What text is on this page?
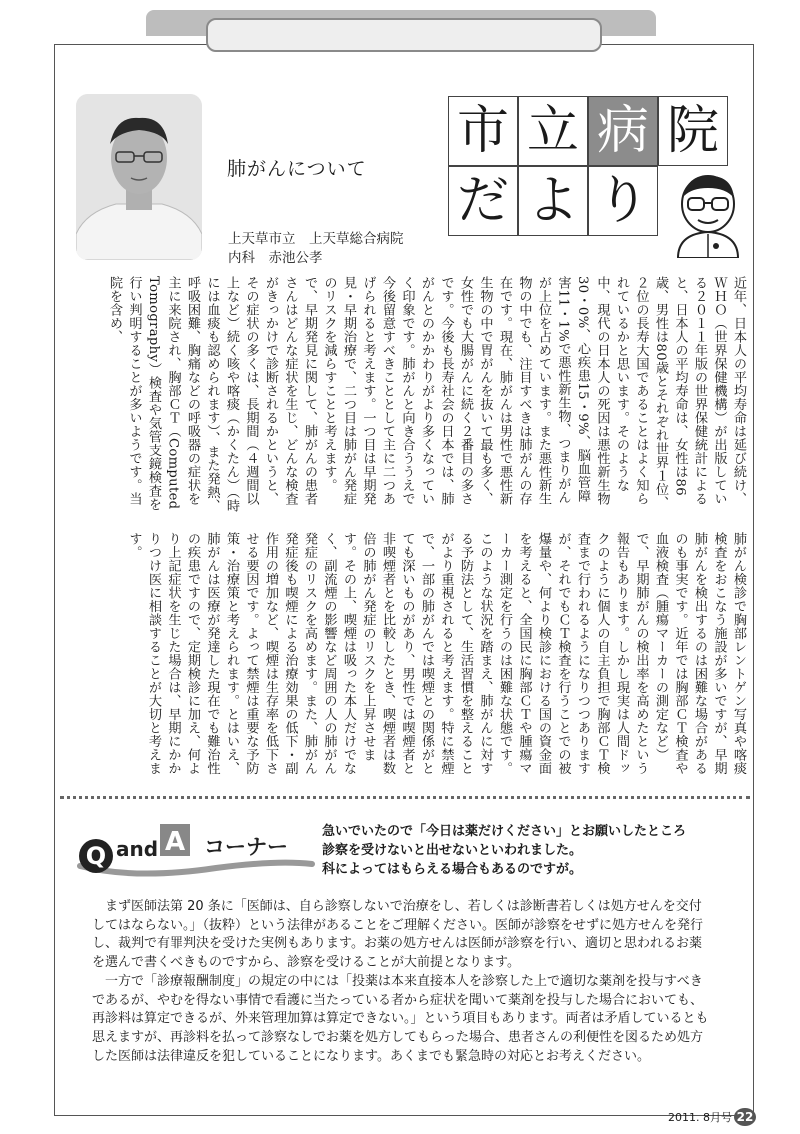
肺がんについて
上天草市立　上天草総合病院
内科　赤池公孝
市 立 病 院
だ よ り

近年、日本人の平均寿命は延び続け、ＷＨＯ（世界保健機構）が出版している２０１１年版の世界保健統計によると、日本人の平均寿命は、女性は86歳、男性は80歳とそれぞれ世界１位、２位の長寿大国であることはよく知られているかと思います。そのような中、現代の日本人の死因は悪性新生物30・0%、心疾患15・9%、脳血管障害11・1%で悪性新生物、つまりがんが上位を占めています。また悪性新生物の中でも、注目すべきは肺がんの存在です。現在、肺がんは男性で悪性新生物の中で胃がんを抜いて最も多く、女性でも大腸がんに続く２番目の多さです。今後も長寿社会の日本では、肺がんとのかかわりがより多くなっていく印象です。肺がんと向き合ううえで今後留意すべきこととして主に二つあげられると考えます。一つ目は早期発見・早期治療で、二つ目は肺がん発症のリスクを減らすことと考えます。で、早期発見に関して、肺がんの患者さんはどんな症状を生じ、どんな検査がきっかけで診断されるかというと、その症状の多くは、長期間（４週間以上など）続く咳や喀痰（かくたん）（時には血痰も認められます）、また発熱、呼吸困難、胸痛などの呼吸器の症状を主に来院され、胸部ＣＴ（Computed Tomography）検査や気管支鏡検査を行い判明することが多いようです。当院を含め、

肺がん検診で胸部レントゲン写真や喀痰検査をおこなう施設が多いですが、早期肺がんを検出するのは困難な場合があるのも事実です。近年では胸部ＣＴ検査や血液検査（腫瘍マーカーの測定など）で、早期肺がんの検出率を高めたという報告もあります。しかし現実は人間ドックのように個人の自主負担で胸部ＣＴ検査まで行われるようになりつつありますが、それでもＣＴ検査を行うことでの被爆量や、何より検診における国の資金面を考えると、全国民に胸部ＣＴや腫瘍マーカー測定を行うのは困難な状態です。このような状況を踏まえ、肺がんに対する予防法として、生活習慣を整えることがより重視されると考えます。特に禁煙で、一部の肺がんでは喫煙との関係がとても深いものがあり、男性では喫煙者と非喫煙者とを比較したとき、喫煙者は数倍の肺がん発症のリスクを上昇させます。その上、喫煙は吸った本人だけでなく、副流煙の影響など周囲の人の肺がん発症のリスクを高めます。また、肺がん発症後も喫煙による治療効果の低下・副作用の増加など、喫煙は生存率を低下させる要因です。よって禁煙は重要な予防策・治療策と考えられます。とはいえ、肺がんは医療が発達した現在でも難治性の疾患ですので、定期検診に加え、何より上記症状を生じた場合は、早期にかかりつけ医に相談することが大切と考えます。

Q and A コーナー
急いでいたので「今日は薬だけください」とお願いしたところ
診察を受けないと出せないといわれました。
科によってはもらえる場合もあるのですが。

まず医師法第 20 条に「医師は、自ら診察しないで治療をし、若しくは診断書若しくは処方せんを交付してはならない。」（抜粋）という法律があることをご理解ください。医師が診察をせずに処方せんを発行し、裁判で有罪判決を受けた実例もあります。お薬の処方せんは医師が診察を行い、適切と思われるお薬を選んで書くべきものですから、診察を受けることが大前提となります。

一方で「診療報酬制度」の規定の中には「投薬は本来直接本人を診察した上で適切な薬剤を投与すべきであるが、やむを得ない事情で看護に当たっている者から症状を聞いて薬剤を投与した場合においても、再診料は算定できるが、外来管理加算は算定できない。」という項目もあります。両者は矛盾しているとも思えますが、再診料を払って診察なしでお薬を処方してもらった場合、患者さんの利便性を図るため処方した医師は法律違反を犯していることになります。あくまでも緊急時の対応とお考えください。

2011. 8月号 22
